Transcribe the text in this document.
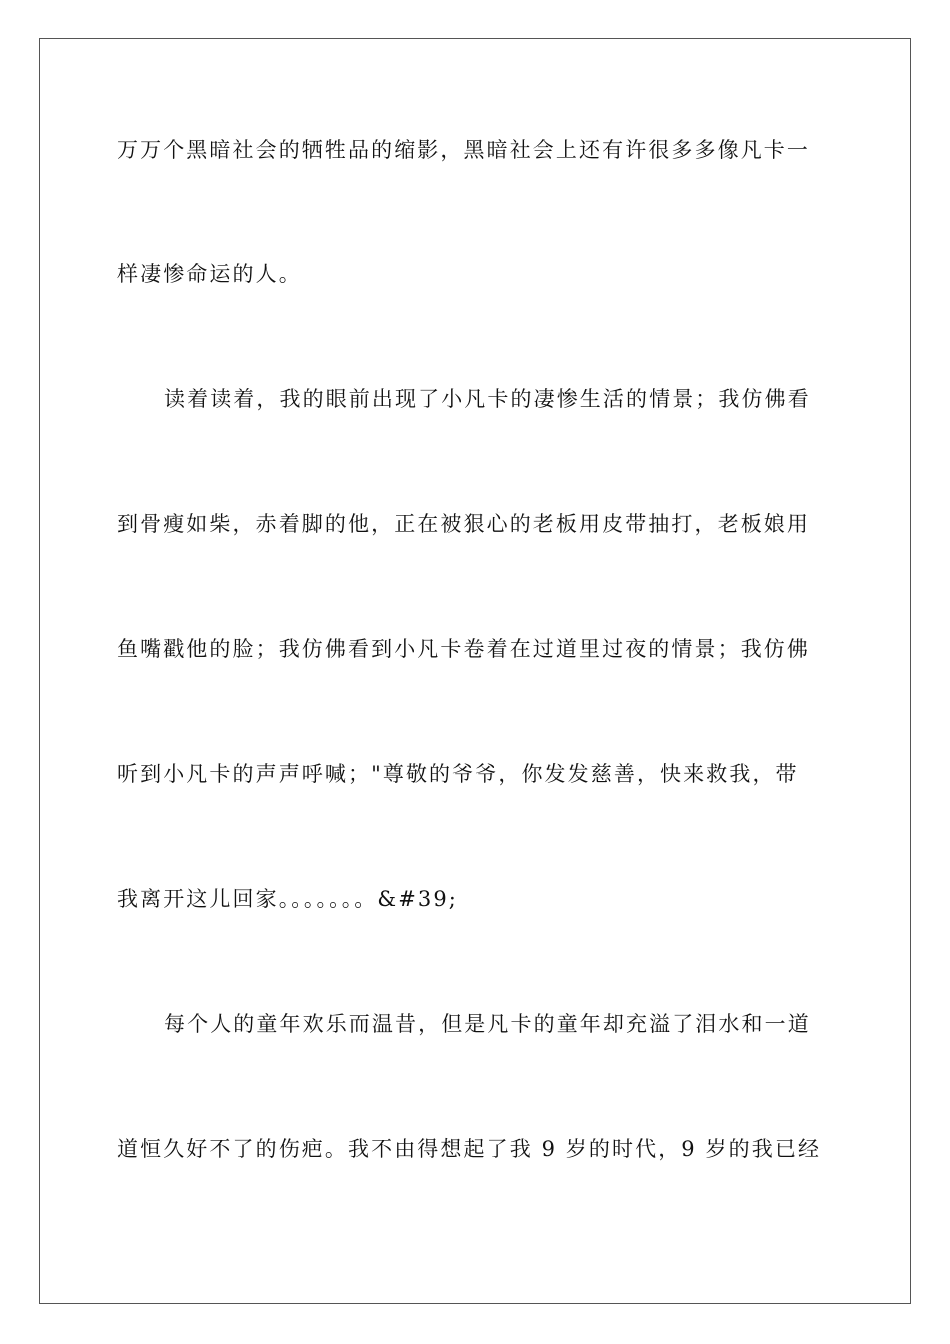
万万个黑暗社会的牺牲品的缩影，黑暗社会上还有许很多多像凡卡一
样凄惨命运的人。
读着读着，我的眼前出现了小凡卡的凄惨生活的情景；我仿佛看
到骨瘦如柴，赤着脚的他，正在被狠心的老板用皮带抽打，老板娘用
鱼嘴戳他的脸；我仿佛看到小凡卡卷着在过道里过夜的情景；我仿佛
听到小凡卡的声声呼喊；"尊敬的爷爷，你发发慈善，快来救我，带
我离开这儿回家。。。。。。。&#39;
每个人的童年欢乐而温昔，但是凡卡的童年却充溢了泪水和一道
道恒久好不了的伤疤。我不由得想起了我 9 岁的时代，9 岁的我已经
